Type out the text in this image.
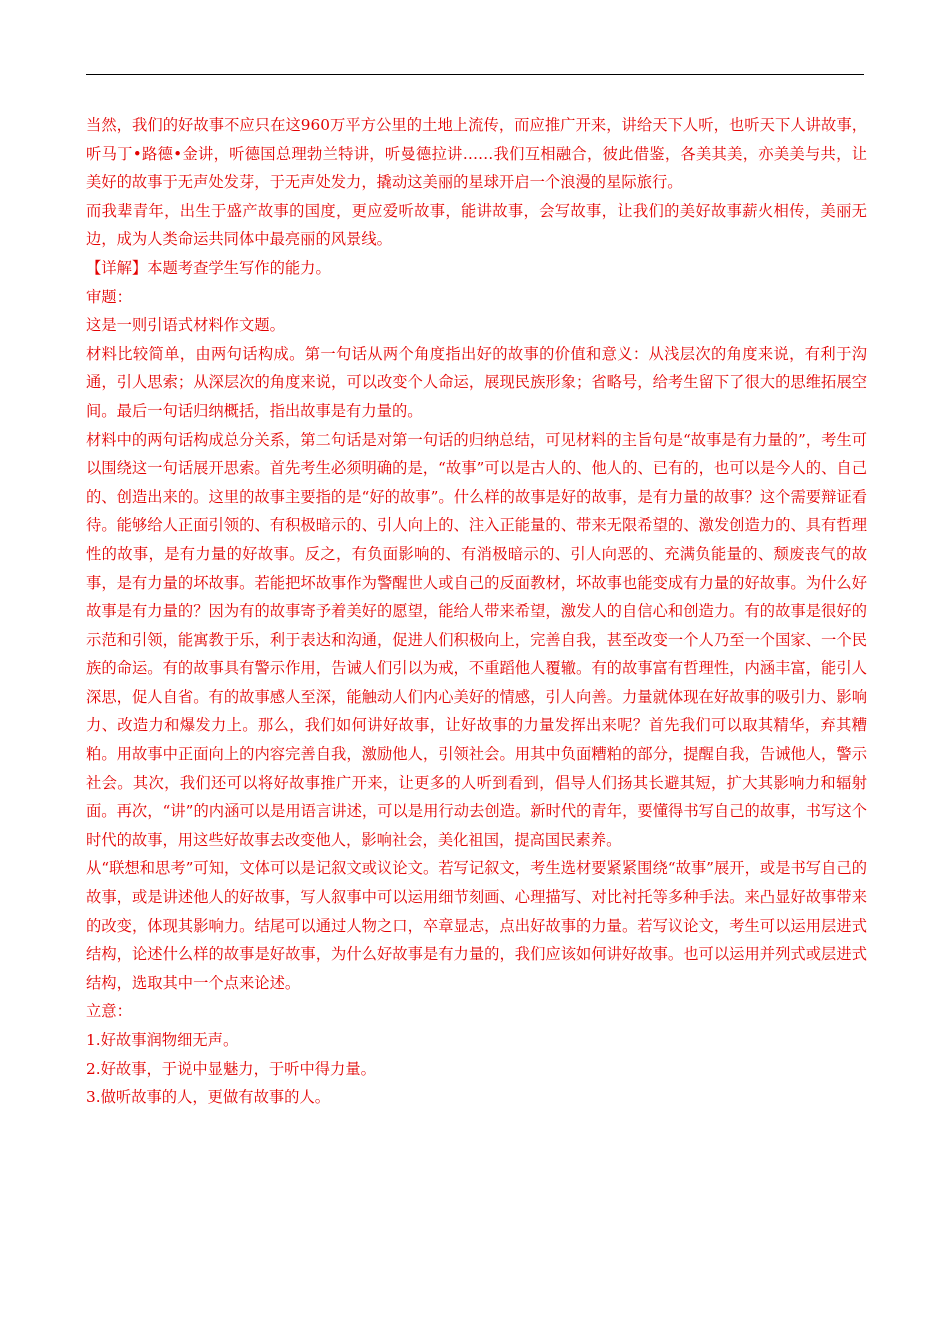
当然，我们的好故事不应只在这960万平方公里的土地上流传，而应推广开来，讲给天下人听，也听天下人讲故事，听马丁•路德•金讲，听德国总理勃兰特讲，听曼德拉讲……我们互相融合，彼此借鉴，各美其美，亦美美与共，让美好的故事于无声处发芽，于无声处发力，撬动这美丽的星球开启一个浪漫的星际旅行。

而我辈青年，出生于盛产故事的国度，更应爱听故事，能讲故事，会写故事，让我们的美好故事薪火相传，美丽无边，成为人类命运共同体中最亮丽的风景线。

【详解】本题考查学生写作的能力。

审题：

这是一则引语式材料作文题。

材料比较简单，由两句话构成。第一句话从两个角度指出好的故事的价值和意义：从浅层次的角度来说，有利于沟通，引人思索；从深层次的角度来说，可以改变个人命运，展现民族形象；省略号，给考生留下了很大的思维拓展空间。最后一句话归纳概括，指出故事是有力量的。

材料中的两句话构成总分关系，第二句话是对第一句话的归纳总结，可见材料的主旨句是“故事是有力量的”，考生可以围绕这一句话展开思索。首先考生必须明确的是，“故事”可以是古人的、他人的、已有的，也可以是今人的、自己的、创造出来的。这里的故事主要指的是“好的故事”。什么样的故事是好的故事，是有力量的故事？这个需要辩证看待。能够给人正面引领的、有积极暗示的、引人向上的、注入正能量的、带来无限希望的、激发创造力的、具有哲理性的故事，是有力量的好故事。反之，有负面影响的、有消极暗示的、引人向恶的、充满负能量的、颓废丧气的故事，是有力量的坏故事。若能把坏故事作为警醒世人或自己的反面教材，坏故事也能变成有力量的好故事。为什么好故事是有力量的？因为有的故事寄予着美好的愿望，能给人带来希望，激发人的自信心和创造力。有的故事是很好的示范和引领，能寓教于乐，利于表达和沟通，促进人们积极向上，完善自我，甚至改变一个人乃至一个国家、一个民族的命运。有的故事具有警示作用，告诫人们引以为戒，不重蹈他人覆辙。有的故事富有哲理性，内涵丰富，能引人深思，促人自省。有的故事感人至深，能触动人们内心美好的情感，引人向善。力量就体现在好故事的吸引力、影响力、改造力和爆发力上。那么，我们如何讲好故事，让好故事的力量发挥出来呢？首先我们可以取其精华，弃其糟粕。用故事中正面向上的内容完善自我，激励他人，引领社会。用其中负面糟粕的部分，提醒自我，告诫他人，警示社会。其次，我们还可以将好故事推广开来，让更多的人听到看到，倡导人们扬其长避其短，扩大其影响力和辐射面。再次，“讲”的内涵可以是用语言讲述，可以是用行动去创造。新时代的青年，要懂得书写自己的故事，书写这个时代的故事，用这些好故事去改变他人，影响社会，美化祖国，提高国民素养。

从“联想和思考”可知，文体可以是记叙文或议论文。若写记叙文，考生选材要紧紧围绕“故事”展开，或是书写自己的故事，或是讲述他人的好故事，写人叙事中可以运用细节刻画、心理描写、对比衬托等多种手法。来凸显好故事带来的改变，体现其影响力。结尾可以通过人物之口，卒章显志，点出好故事的力量。若写议论文，考生可以运用层进式结构，论述什么样的故事是好故事，为什么好故事是有力量的，我们应该如何讲好故事。也可以运用并列式或层进式结构，选取其中一个点来论述。

立意：

1.好故事润物细无声。

2.好故事，于说中显魅力，于听中得力量。

3.做听故事的人，更做有故事的人。
